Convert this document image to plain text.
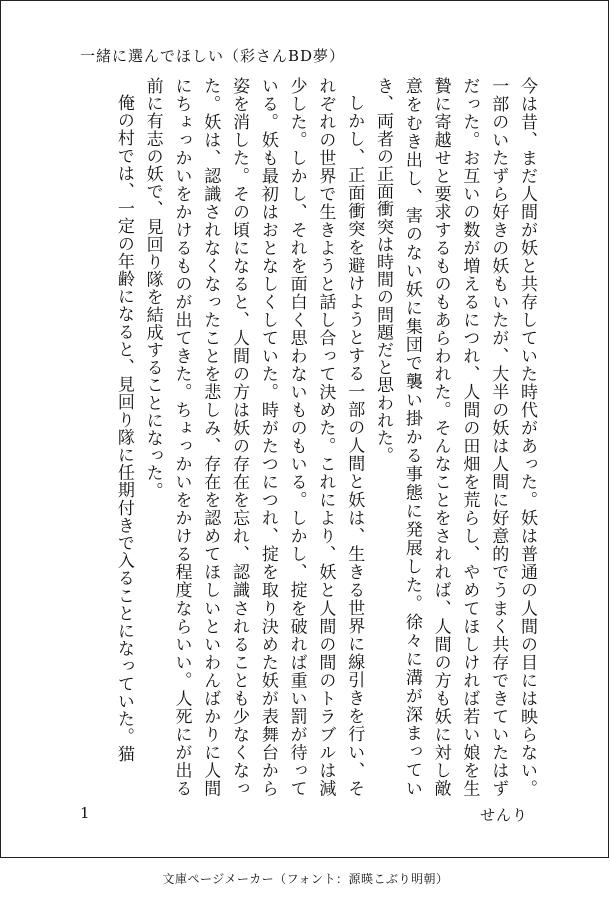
一緒に選んでほしい（彩さんBD夢）

今は昔、まだ人間が妖と共存していた時代があった。妖は普通の人間の目には映らない。一部のいたずら好きの妖もいたが、大半の妖は人間に好意的でうまく共存できていたはずだった。お互いの数が増えるにつれ、人間の田畑を荒らし、やめてほしければ若い娘を生贄に寄越せと要求するものもあらわれた。そんなことをされれば、人間の方も妖に対し敵意をむき出し、害のない妖に集団で襲い掛かる事態に発展した。徐々に溝が深まっていき、両者の正面衝突は時間の問題だと思われた。

しかし、正面衝突を避けようとする一部の人間と妖は、生きる世界に線引きを行い、それぞれの世界で生きようと話し合って決めた。これにより、妖と人間の間のトラブルは減少した。しかし、それを面白く思わないものもいる。しかし、掟を破れば重い罰が待っている。妖も最初はおとなしくしていた。時がたつにつれ、掟を取り決めた妖が表舞台から姿を消した。その頃になると、人間の方は妖の存在を忘れ、認識されることも少なくなった。妖は、認識されなくなったことを悲しみ、存在を認めてほしいといわんばかりに人間にちょっかいをかけるものが出てきた。ちょっかいをかける程度ならいい。人死にが出る前に有志の妖で、見回り隊を結成することになった。

俺の村では、一定の年齢になると、見回り隊に任期付きで入ることになっていた。猫

1	せんり
文庫ページメーカー（フォント：源暎こぶり明朝）
